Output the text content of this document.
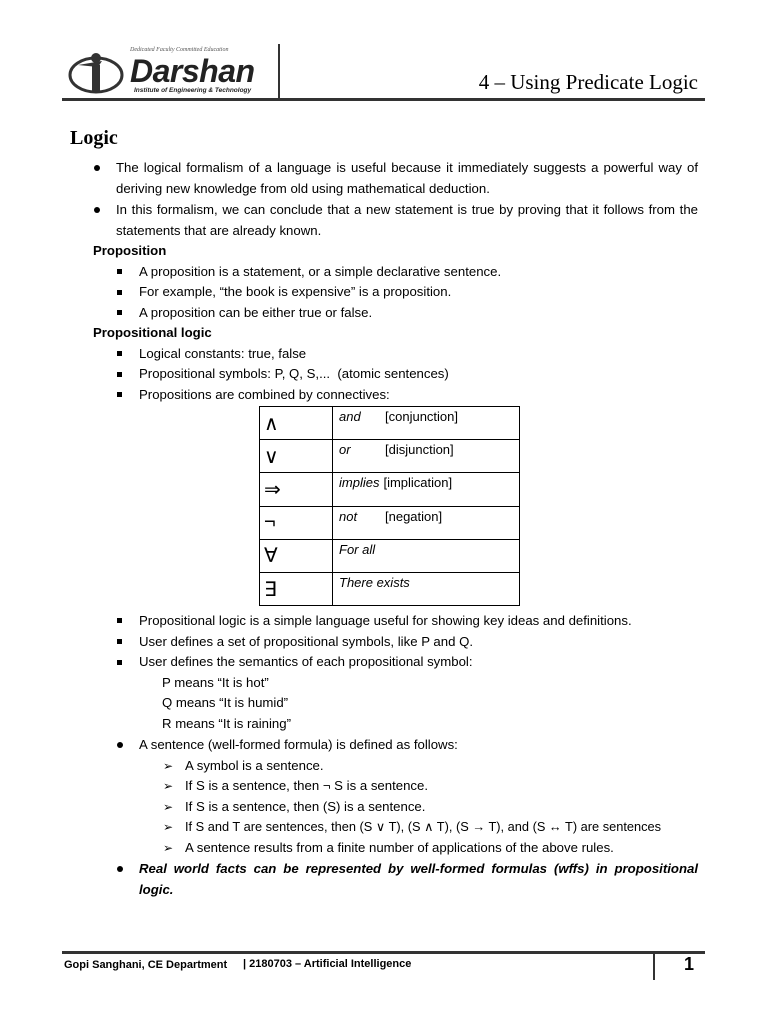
Dedicated Faculty Committed Education
Darshan
Institute of Engineering & Technology	4 – Using Predicate Logic
Logic
The logical formalism of a language is useful because it immediately suggests a powerful way of deriving new knowledge from old using mathematical deduction.
In this formalism, we can conclude that a new statement is true by proving that it follows from the statements that are already known.
Proposition
A proposition is a statement, or a simple declarative sentence.
For example, “the book is expensive” is a proposition.
A proposition can be either true or false.
Propositional logic
Logical constants: true, false
Propositional symbols: P, Q, S,...  (atomic sentences)
Propositions are combined by connectives:
∧	and [conjunction]
∨	or [disjunction]
⇒	implies [implication]
¬	not [negation]
∀	For all
∃	There exists
Propositional logic is a simple language useful for showing key ideas and definitions.
User defines a set of propositional symbols, like P and Q.
User defines the semantics of each propositional symbol:
P means “It is hot”
Q means “It is humid”
R means “It is raining”
A sentence (well-formed formula) is defined as follows:
➢ A symbol is a sentence.
➢ If S is a sentence, then ¬ S is a sentence.
➢ If S is a sentence, then (S) is a sentence.
➢ If S and T are sentences, then (S ∨ T), (S ∧ T), (S → T), and (S ↔ T) are sentences
➢ A sentence results from a finite number of applications of the above rules.
Real world facts can be represented by well-formed formulas (wffs) in propositional logic.
Gopi Sanghani, CE Department | 2180703 – Artificial Intelligence	1
